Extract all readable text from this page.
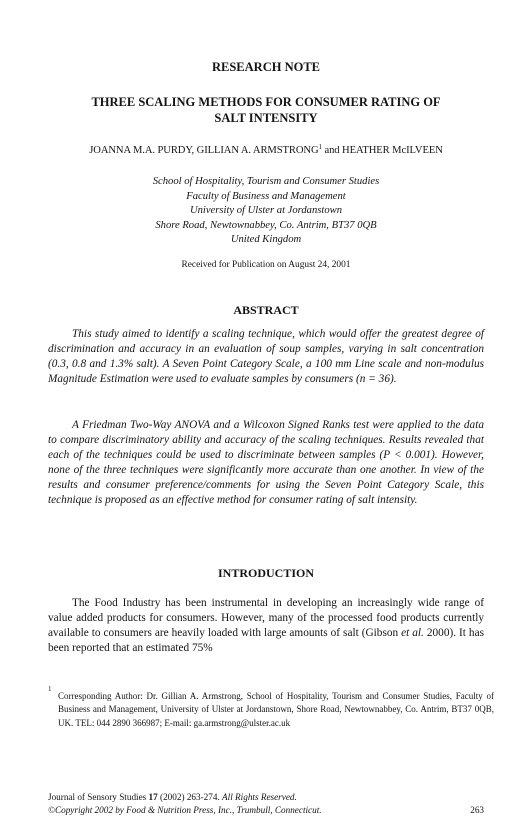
RESEARCH NOTE
THREE SCALING METHODS FOR CONSUMER RATING OF
SALT INTENSITY
JOANNA M.A. PURDY, GILLIAN A. ARMSTRONG$^1$ and HEATHER McILVEEN
School of Hospitality, Tourism and Consumer Studies
Faculty of Business and Management
University of Ulster at Jordanstown
Shore Road, Newtownabbey, Co. Antrim, BT37 0QB
United Kingdom
Received for Publication on August 24, 2001
ABSTRACT

This study aimed to identify a scaling technique, which would offer the greatest degree of discrimination and accuracy in an evaluation of soup samples, varying in salt concentration (0.3, 0.8 and 1.3% salt). A Seven Point Category Scale, a 100 mm Line scale and non-modulus Magnitude Estimation were used to evaluate samples by consumers (n = 36).

A Friedman Two-Way ANOVA and a Wilcoxon Signed Ranks test were applied to the data to compare discriminatory ability and accuracy of the scaling techniques. Results revealed that each of the techniques could be used to discriminate between samples (P < 0.001). However, none of the three techniques were significantly more accurate than one another. In view of the results and consumer preference/comments for using the Seven Point Category Scale, this technique is proposed as an effective method for consumer rating of salt intensity.

INTRODUCTION

The Food Industry has been instrumental in developing an increasingly wide range of value added products for consumers. However, many of the processed food products currently available to consumers are heavily loaded with large amounts of salt (Gibson et al. 2000). It has been reported that an estimated 75%

1
Corresponding Author: Dr. Gillian A. Armstrong, School of Hospitality, Tourism and Consumer Studies, Faculty of Business and Management, University of Ulster at Jordanstown, Shore Road, Newtownabbey, Co. Antrim, BT37 0QB, UK. TEL: 044 2890 366987; E-mail: ga.armstrong@ulster.ac.uk
Journal of Sensory Studies 17 (2002) 263-274. All Rights Reserved.
©Copyright 2002 by Food & Nutrition Press, Inc., Trumbull, Connecticut.	263
